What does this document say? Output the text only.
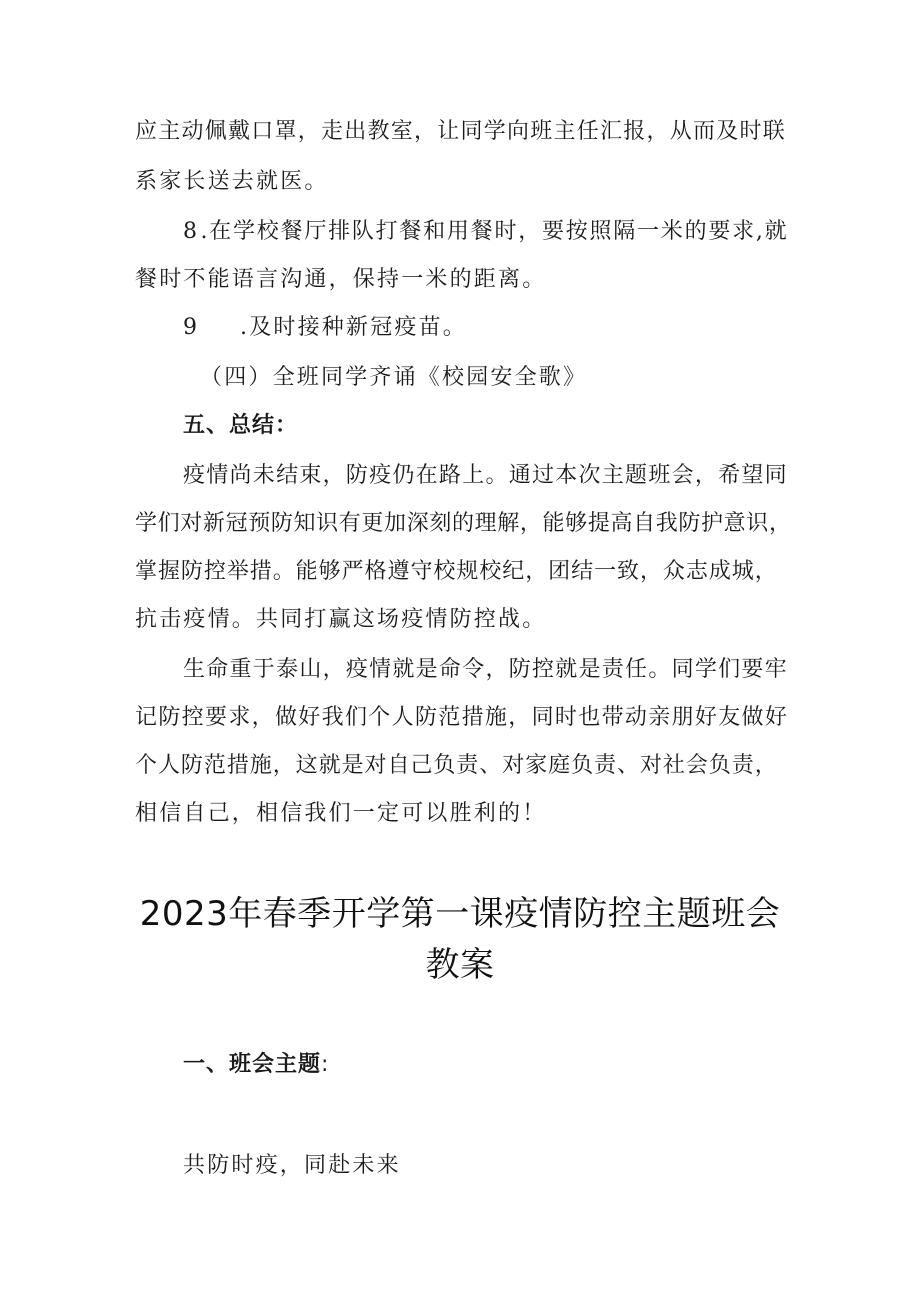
应 主 动 佩 戴 口 罩 ， 走 出 教 室 ， 让 同 学 向 班 主 任 汇 报 ， 从 而 及 时 联
系家长送去就医。
8 . 在 学 校 餐 厅 排 队 打 餐 和 用 餐 时 ， 要 按 照 隔 一 米 的 要 求 , 就
餐时不能语言沟通，保持一米的距离。
9 .及时接种新冠疫苗。
（四）全班同学齐诵《校园安全歌》
五、总结：
疫 情 尚 未 结 束 ， 防 疫 仍 在 路 上 。 通 过 本 次 主 题 班 会 ， 希 望 同
学 们 对 新 冠 预 防 知 识 有 更 加 深 刻 的 理 解 ， 能 够 提 高 自 我 防 护 意 识 ，
掌 握 防 控 举 措 。 能 够 严 格 遵 守 校 规 校 纪 ， 团 结 一 致 ， 众 志 成 城 ，
抗击疫情。共同打赢这场疫情防控战。
生 命 重 于 泰 山 ， 疫 情 就 是 命 令 ， 防 控 就 是 责 任 。 同 学 们 要 牢
记 防 控 要 求 ， 做 好 我 们 个 人 防 范 措 施 ， 同 时 也 带 动 亲 朋 好 友 做 好
个 人 防 范 措 施 ， 这 就 是 对 自 己 负 责 、 对 家 庭 负 责 、 对 社 会 负 责 ，
相信自己，相信我们一定可以胜利的！
2023年春季开学第一课疫情防控主题班会
教案
一、班会主题:
共防时疫，同赴未来
